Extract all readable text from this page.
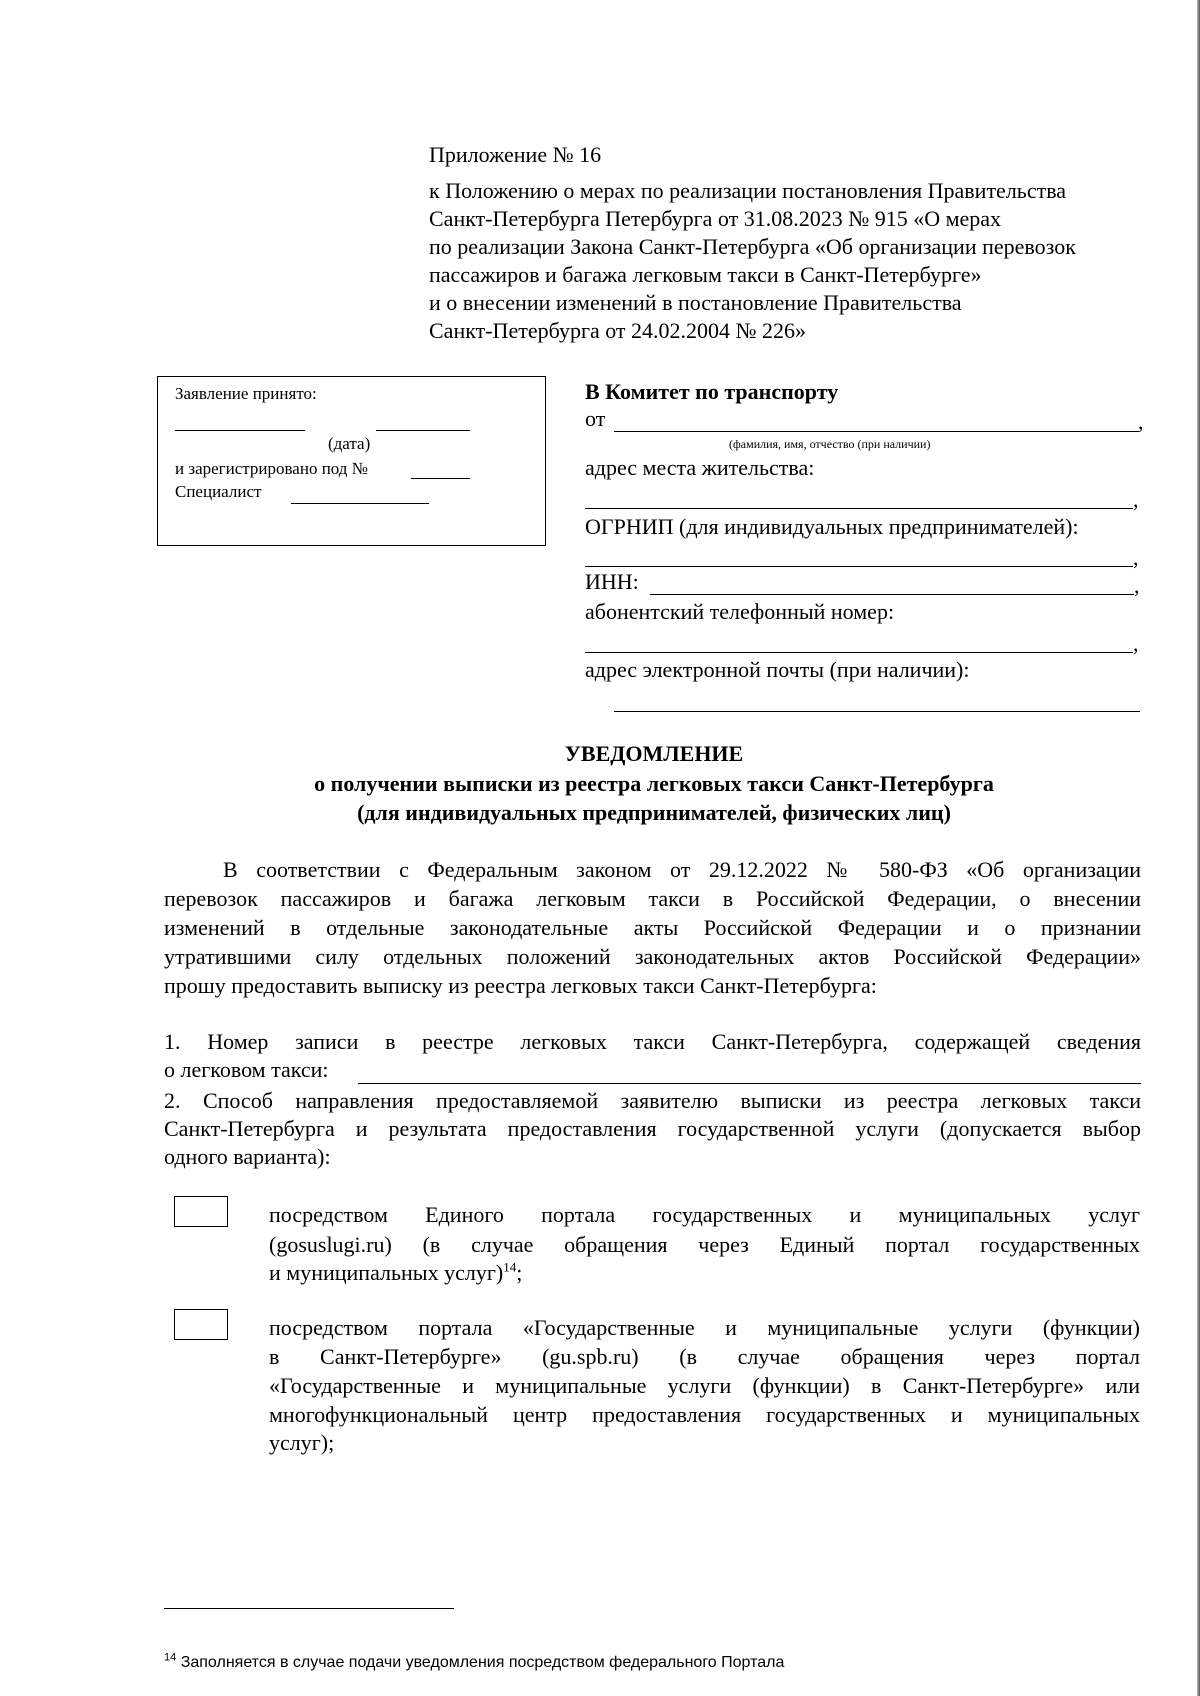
Приложение № 16
к Положению о мерах по реализации постановления Правительства
Санкт-Петербурга Петербурга от 31.08.2023 № 915 «О мерах
по реализации Закона Санкт-Петербурга «Об организации перевозок
пассажиров и багажа легковым такси в Санкт-Петербурге»
и о внесении изменений в постановление Правительства
Санкт-Петербурга от 24.02.2004 № 226»
Заявление принято:
(дата)
и зарегистрировано под №
Специалист
В Комитет по транспорту
от	,
(фамилия, имя, отчество (при наличии)
адрес места жительства:
,
ОГРНИП (для индивидуальных предпринимателей):
,
ИНН:	,
абонентский телефонный номер:
,
адрес электронной почты (при наличии):
УВЕДОМЛЕНИЕ
о получении выписки из реестра легковых такси Санкт-Петербурга
(для индивидуальных предпринимателей, физических лиц)
В соответствии с Федеральным законом от 29.12.2022 № 580-ФЗ «Об организации
перевозок пассажиров и багажа легковым такси в Российской Федерации, о внесении
изменений в отдельные законодательные акты Российской Федерации и о признании
утратившими силу отдельных положений законодательных актов Российской Федерации»
прошу предоставить выписку из реестра легковых такси Санкт-Петербурга:
1. Номер записи в реестре легковых такси Санкт-Петербурга, содержащей сведения
о легковом такси:
2. Способ направления предоставляемой заявителю выписки из реестра легковых такси
Санкт-Петербурга и результата предоставления государственной услуги (допускается выбор
одного варианта):
посредством Единого портала государственных и муниципальных услуг
(gosuslugi.ru) (в случае обращения через Единый портал государственных
и муниципальных услуг)$^{14}$;
посредством портала «Государственные и муниципальные услуги (функции)
в Санкт-Петербурге» (gu.spb.ru) (в случае обращения через портал
«Государственные и муниципальные услуги (функции) в Санкт-Петербурге» или
многофункциональный центр предоставления государственных и муниципальных
услуг);
$^{14}$ Заполняется в случае подачи уведомления посредством федерального Портала
